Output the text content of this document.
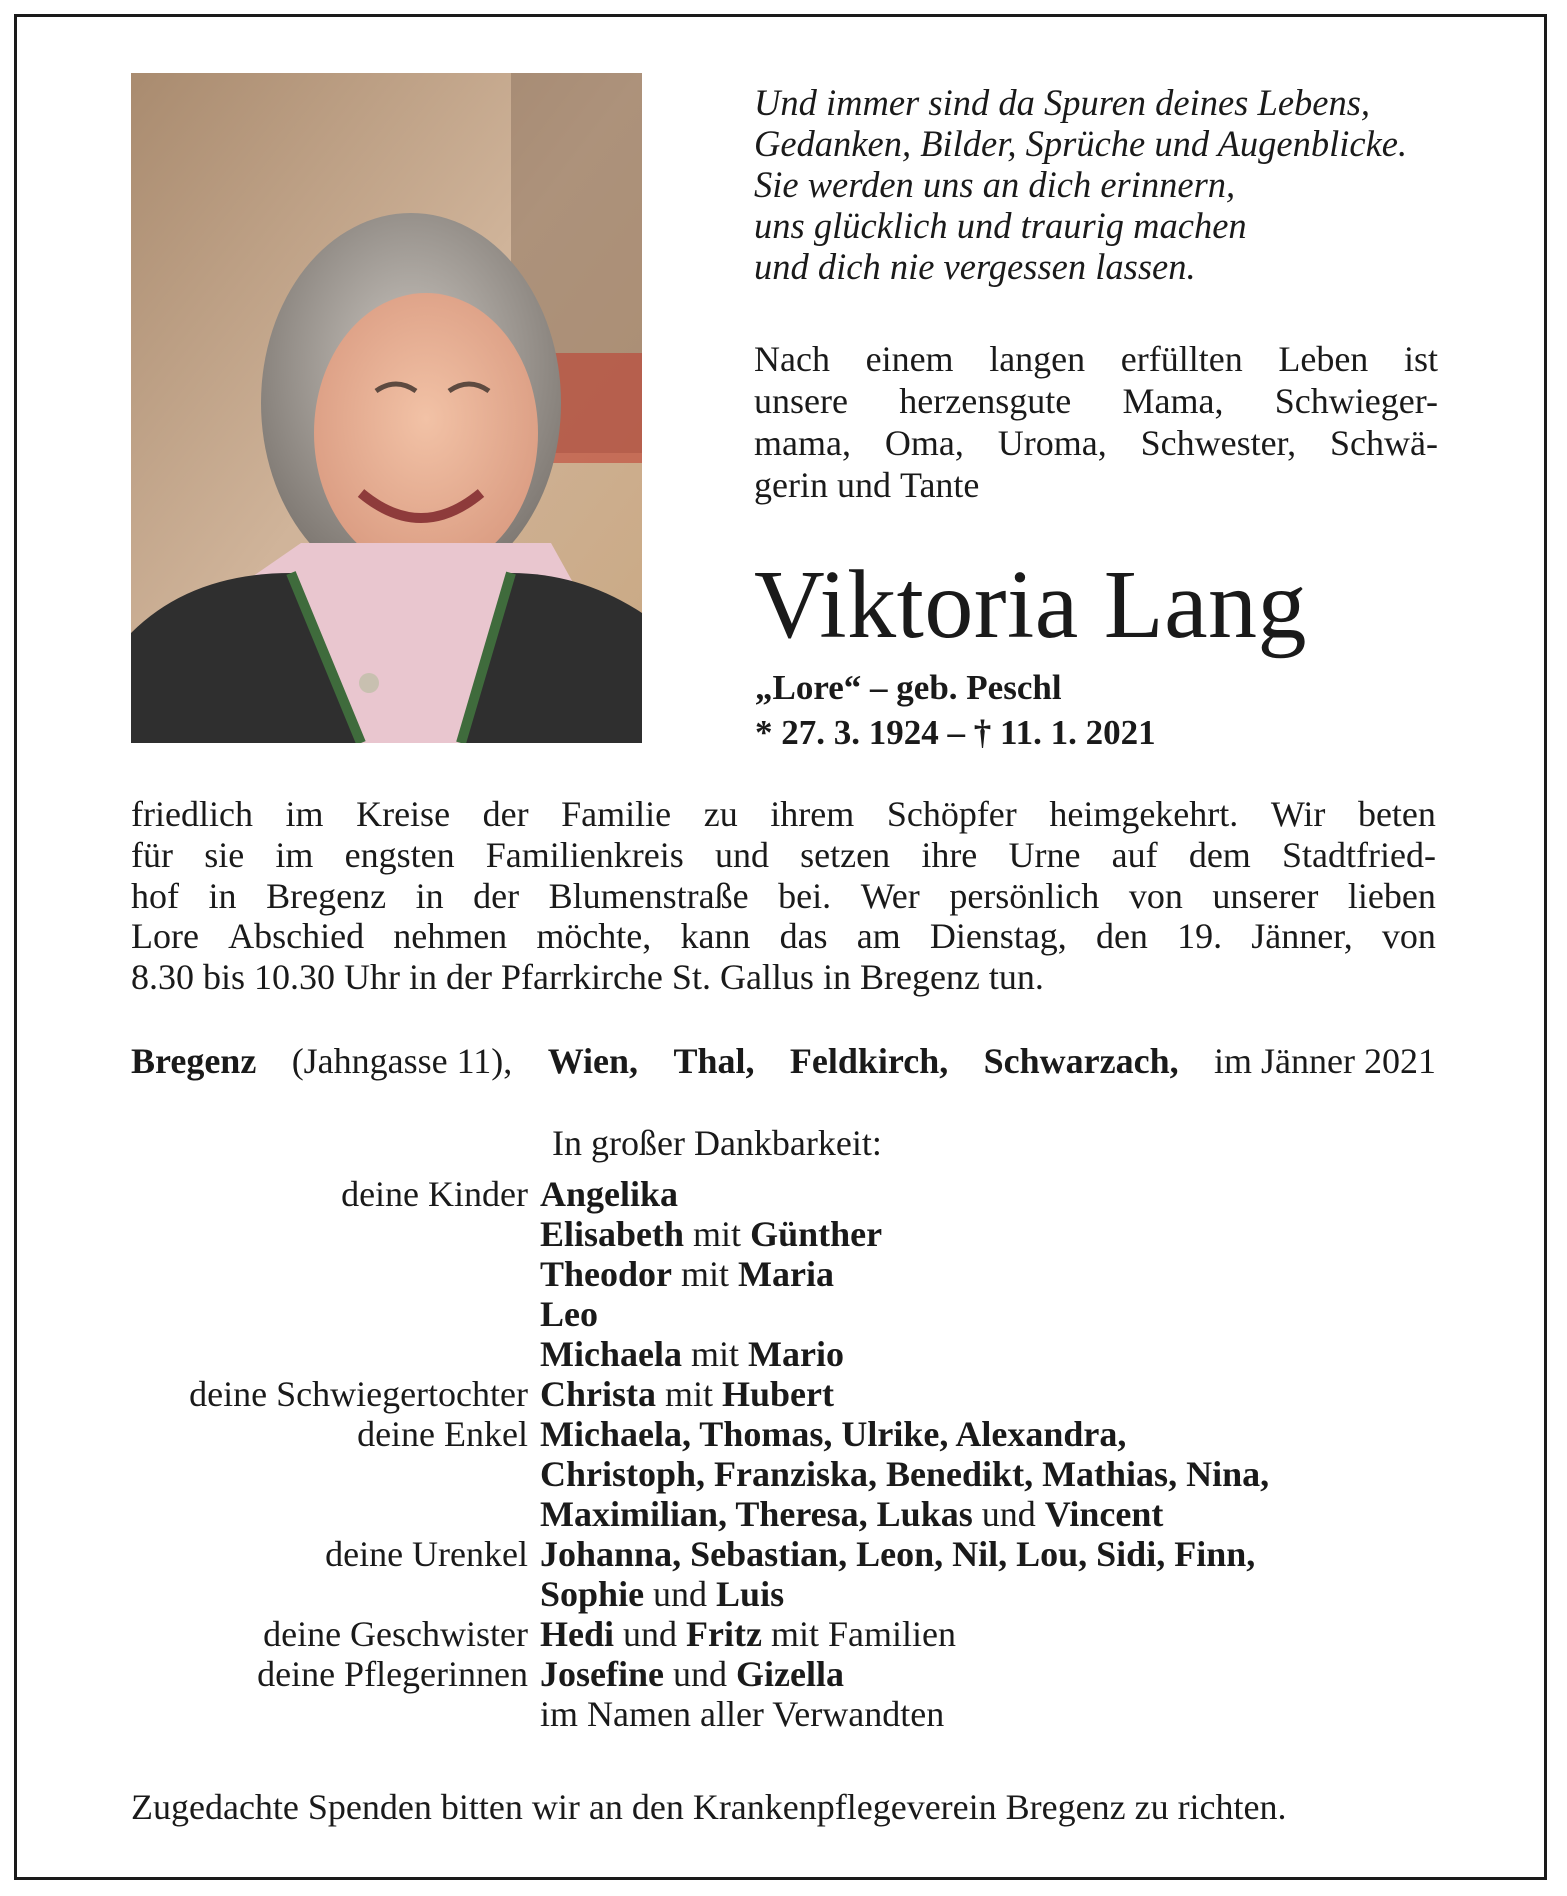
Und immer sind da Spuren deines Lebens,
Gedanken, Bilder, Sprüche und Augenblicke.
Sie werden uns an dich erinnern,
uns glücklich und traurig machen
und dich nie vergessen lassen.
Nach einem langen erfüllten Leben ist
unsere herzensgute Mama, Schwieger-
mama, Oma, Uroma, Schwester, Schwä-
gerin und Tante
Viktoria Lang
„Lore“ – geb. Peschl
* 27. 3. 1924 – † 11. 1. 2021
friedlich im Kreise der Familie zu ihrem Schöpfer heimgekehrt. Wir beten
für sie im engsten Familienkreis und setzen ihre Urne auf dem Stadtfried-
hof in Bregenz in der Blumenstraße bei. Wer persönlich von unserer lieben
Lore Abschied nehmen möchte, kann das am Dienstag, den 19. Jänner, von
8.30 bis 10.30 Uhr in der Pfarrkirche St. Gallus in Bregenz tun.
Bregenz (Jahngasse 11), Wien, Thal, Feldkirch, Schwarzach, im Jänner 2021
In großer Dankbarkeit:
deine Kinder Angelika
Elisabeth mit Günther
Theodor mit Maria
Leo
Michaela mit Mario
deine Schwiegertochter Christa mit Hubert
deine Enkel Michaela, Thomas, Ulrike, Alexandra,
Christoph, Franziska, Benedikt, Mathias, Nina,
Maximilian, Theresa, Lukas und Vincent
deine Urenkel Johanna, Sebastian, Leon, Nil, Lou, Sidi, Finn,
Sophie und Luis
deine Geschwister Hedi und Fritz mit Familien
deine Pflegerinnen Josefine und Gizella
im Namen aller Verwandten
Zugedachte Spenden bitten wir an den Krankenpflegeverein Bregenz zu richten.
